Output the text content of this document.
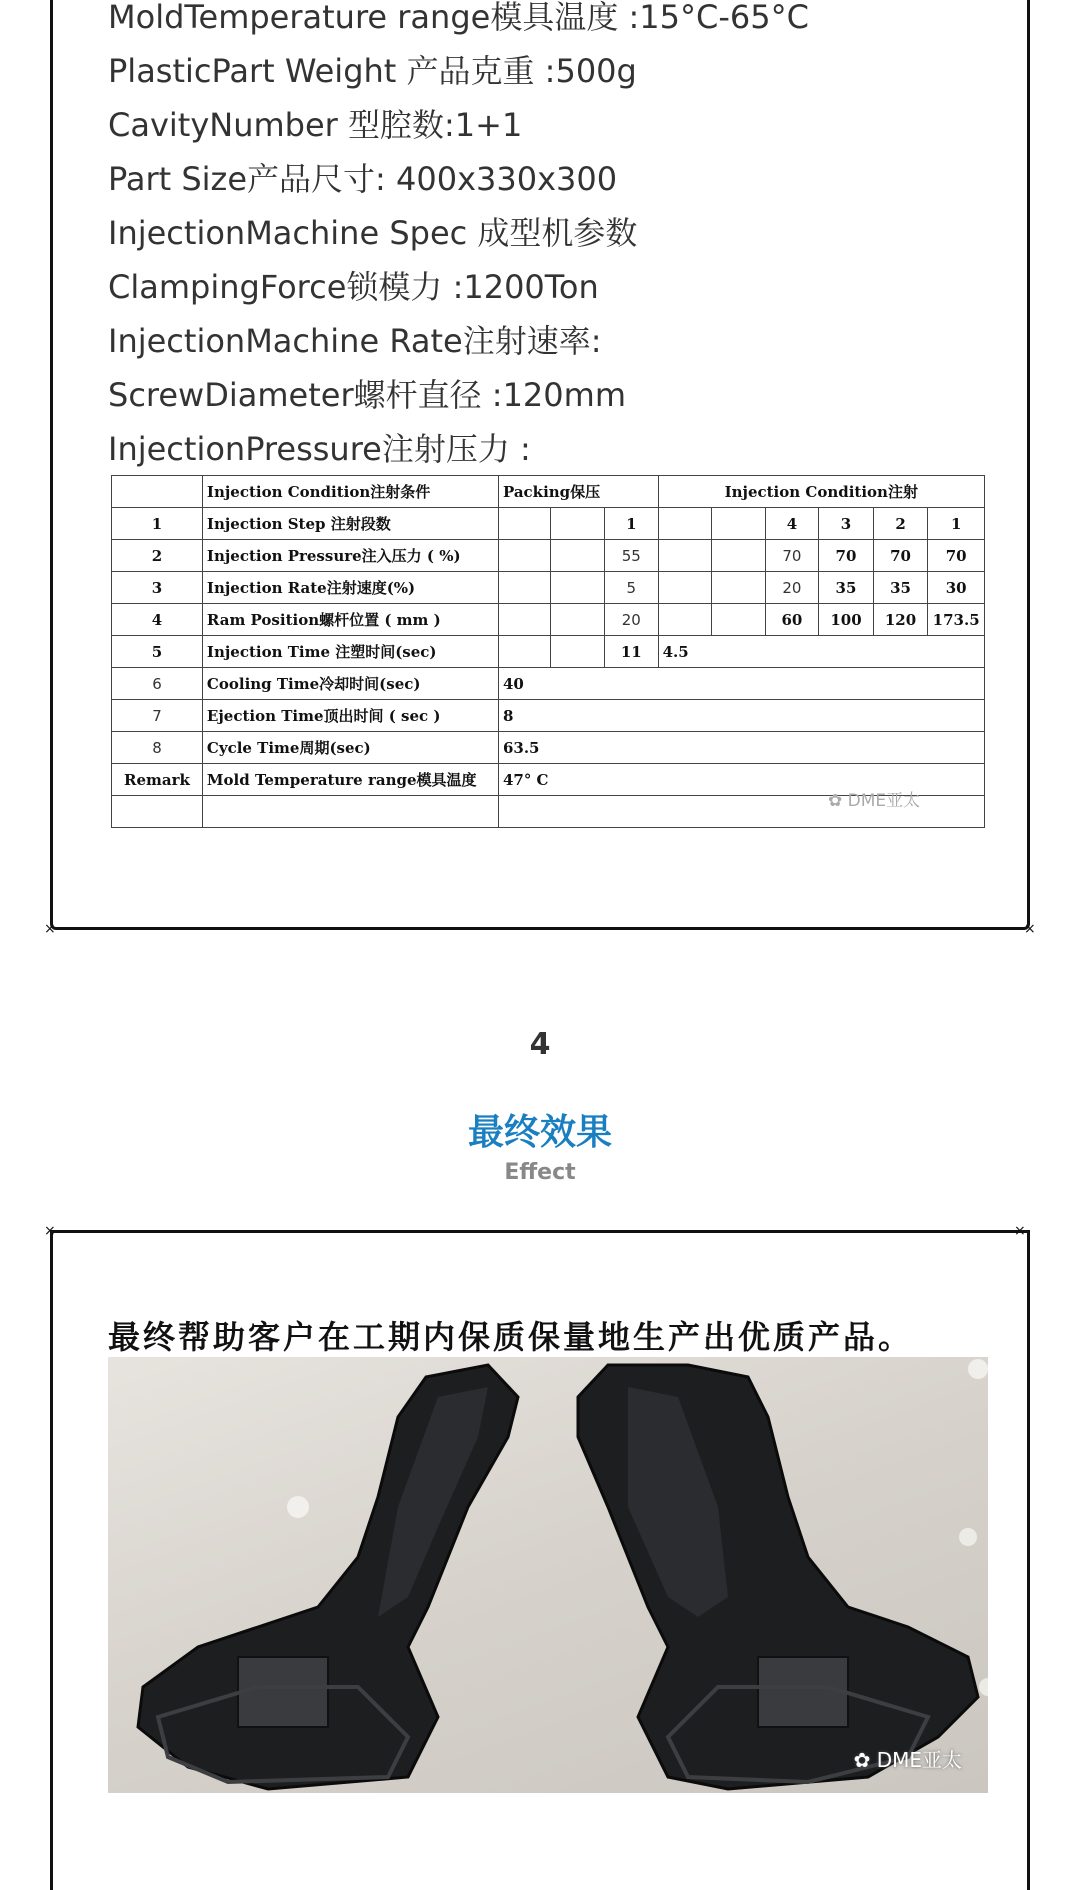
×	×
MoldTemperature range模具温度 :15°C-65°C
PlasticPart Weight 产品克重 :500g
CavityNumber 型腔数:1+1
Part Size产品尺寸: 400x330x300
InjectionMachine Spec 成型机参数
ClampingForce锁模力 :1200Ton
InjectionMachine Rate注射速率:
ScrewDiameter螺杆直径 :120mm
InjectionPressure注射压力 :
	Injection Condition注射条件	Packing保压			Injection Condition注射					
1	Injection Step 注射段数			1			4	3	2	1
2	Injection Pressure注入压力 ( %)			55			70	70	70	70
3	Injection Rate注射速度(%)			5			20	35	35	30
4	Ram Position螺杆位置 ( mm )			20			60	100	120	173.5
5	Injection Time 注塑时间(sec)			11	4.5					
6	Cooling Time冷却时间(sec)	40								
7	Ejection Time顶出时间 ( sec )	8								
8	Cycle Time周期(sec)	63.5								
Remark	Mold Temperature range模具温度	47° C								

✿ DME亚太
4
最终效果
Effect
×	×
最终帮助客户在工期内保质保量地生产出优质产品。
✿ DME亚太
